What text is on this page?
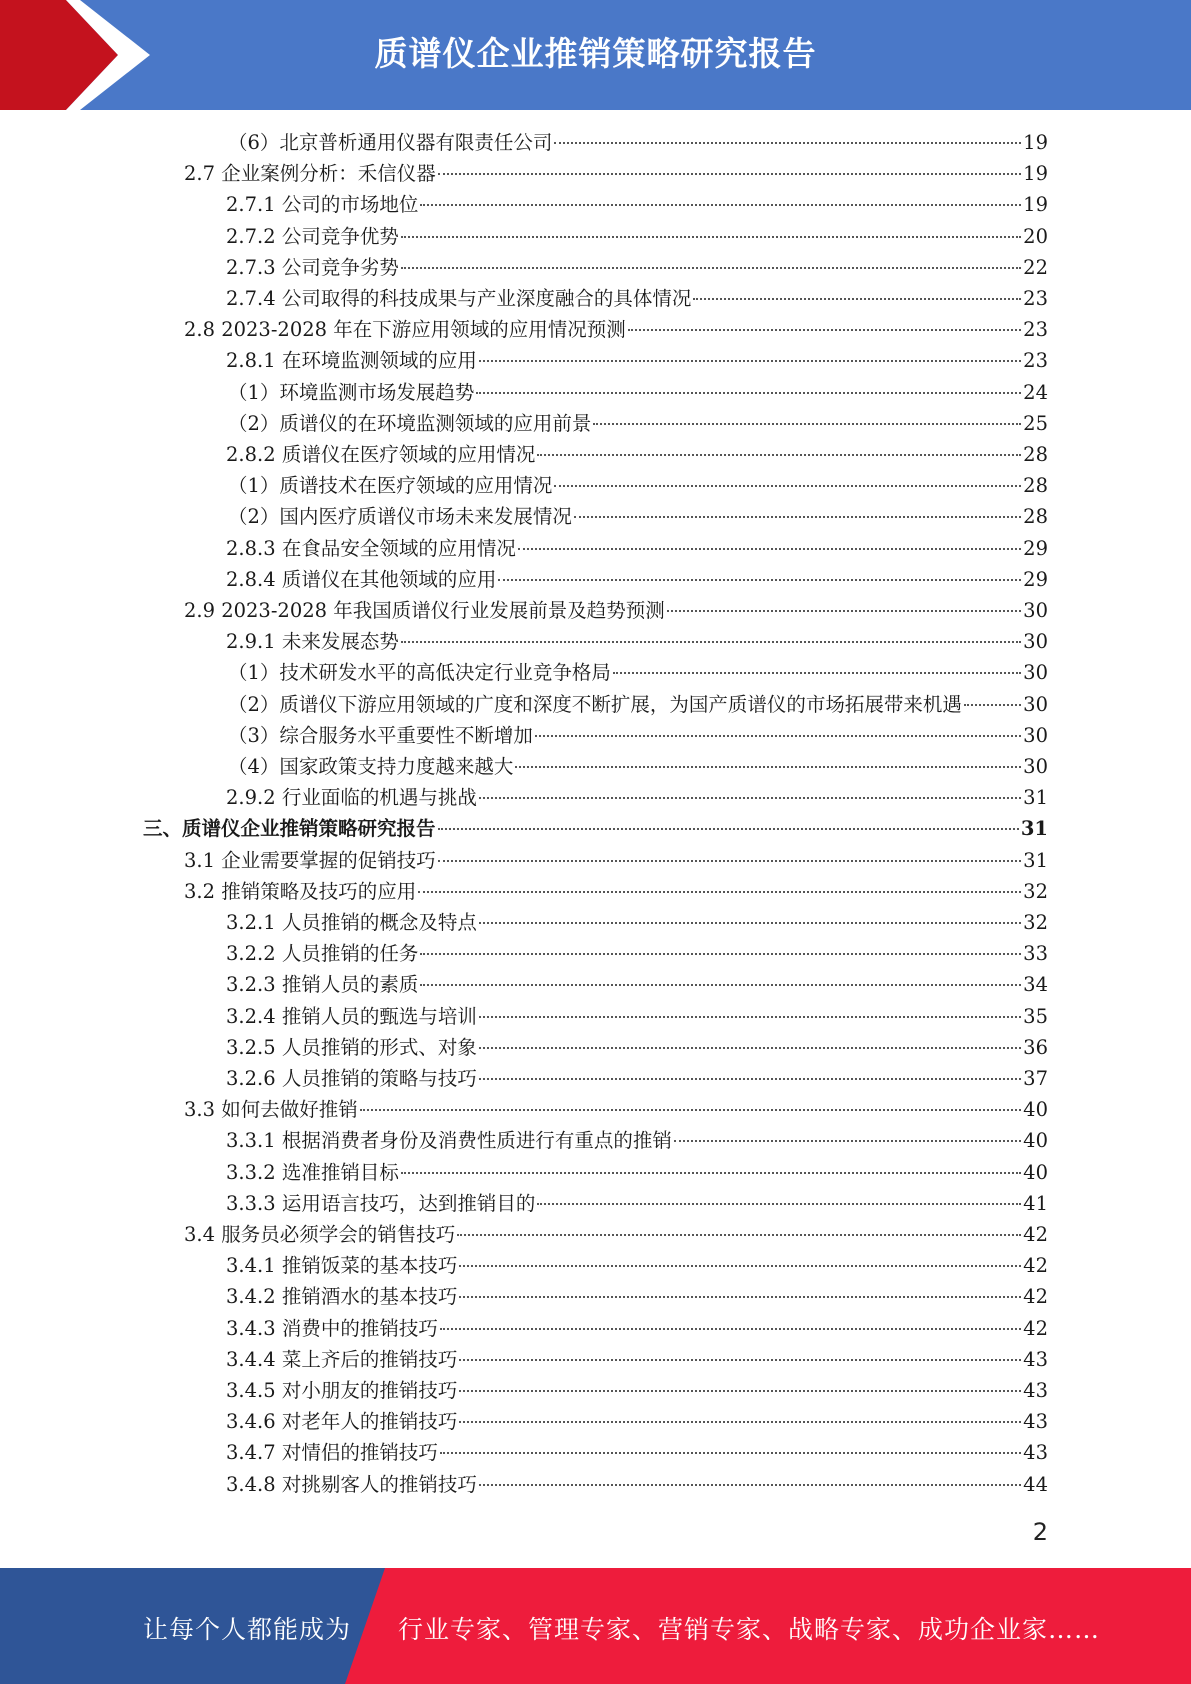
质谱仪企业推销策略研究报告
（6）北京普析通用仪器有限责任公司	19
2.7 企业案例分析：禾信仪器	19
2.7.1 公司的市场地位	19
2.7.2 公司竞争优势	20
2.7.3 公司竞争劣势	22
2.7.4 公司取得的科技成果与产业深度融合的具体情况	23
2.8 2023-2028 年在下游应用领域的应用情况预测	23
2.8.1 在环境监测领域的应用	23
（1）环境监测市场发展趋势	24
（2）质谱仪的在环境监测领域的应用前景	25
2.8.2 质谱仪在医疗领域的应用情况	28
（1）质谱技术在医疗领域的应用情况	28
（2）国内医疗质谱仪市场未来发展情况	28
2.8.3 在食品安全领域的应用情况	29
2.8.4 质谱仪在其他领域的应用	29
2.9 2023-2028 年我国质谱仪行业发展前景及趋势预测	30
2.9.1 未来发展态势	30
（1）技术研发水平的高低决定行业竞争格局	30
（2）质谱仪下游应用领域的广度和深度不断扩展，为国产质谱仪的市场拓展带来机遇	30
（3）综合服务水平重要性不断增加	30
（4）国家政策支持力度越来越大	30
2.9.2 行业面临的机遇与挑战	31
三、质谱仪企业推销策略研究报告	31
3.1 企业需要掌握的促销技巧	31
3.2 推销策略及技巧的应用	32
3.2.1 人员推销的概念及特点	32
3.2.2 人员推销的任务	33
3.2.3 推销人员的素质	34
3.2.4 推销人员的甄选与培训	35
3.2.5 人员推销的形式、对象	36
3.2.6 人员推销的策略与技巧	37
3.3 如何去做好推销	40
3.3.1 根据消费者身份及消费性质进行有重点的推销	40
3.3.2 选准推销目标	40
3.3.3 运用语言技巧，达到推销目的	41
3.4 服务员必须学会的销售技巧	42
3.4.1 推销饭菜的基本技巧	42
3.4.2 推销酒水的基本技巧	42
3.4.3 消费中的推销技巧	42
3.4.4 菜上齐后的推销技巧	43
3.4.5 对小朋友的推销技巧	43
3.4.6 对老年人的推销技巧	43
3.4.7 对情侣的推销技巧	43
3.4.8 对挑剔客人的推销技巧	44
2
让每个人都能成为 行业专家、管理专家、营销专家、战略专家、成功企业家……
